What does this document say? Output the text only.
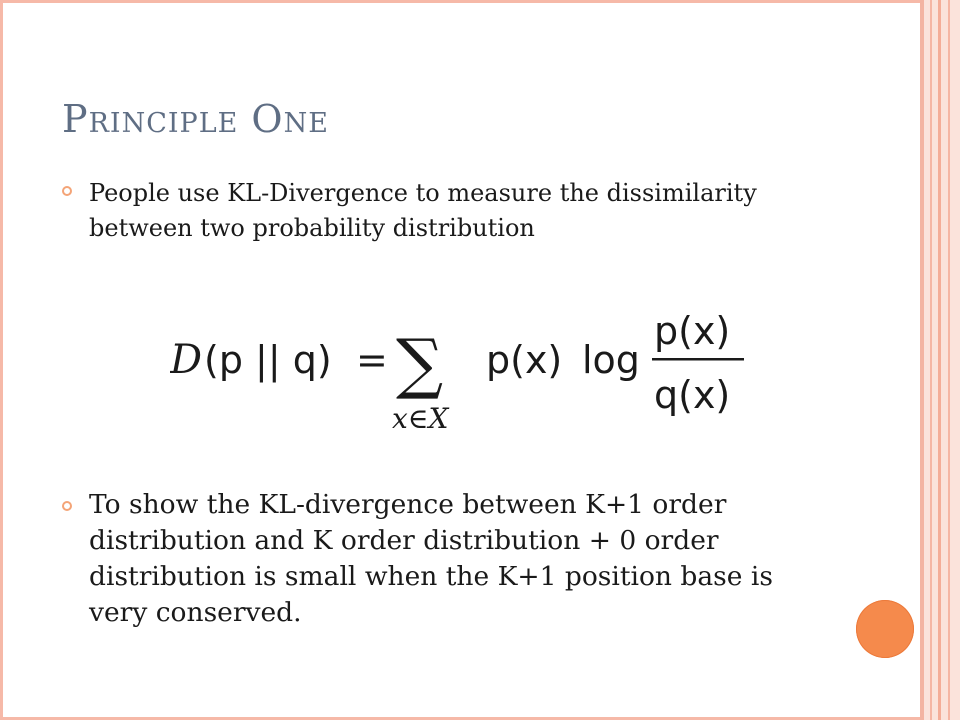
PRINCIPLE ONE
People use KL-Divergence to measure the dissimilarity between two probability distribution
D (p || q) = ∑
x∈X
p(x) log
p(x)
q(x)
To show the KL-divergence between K+1 order distribution and K order distribution + 0 order distribution is small when the K+1 position base is very conserved.
